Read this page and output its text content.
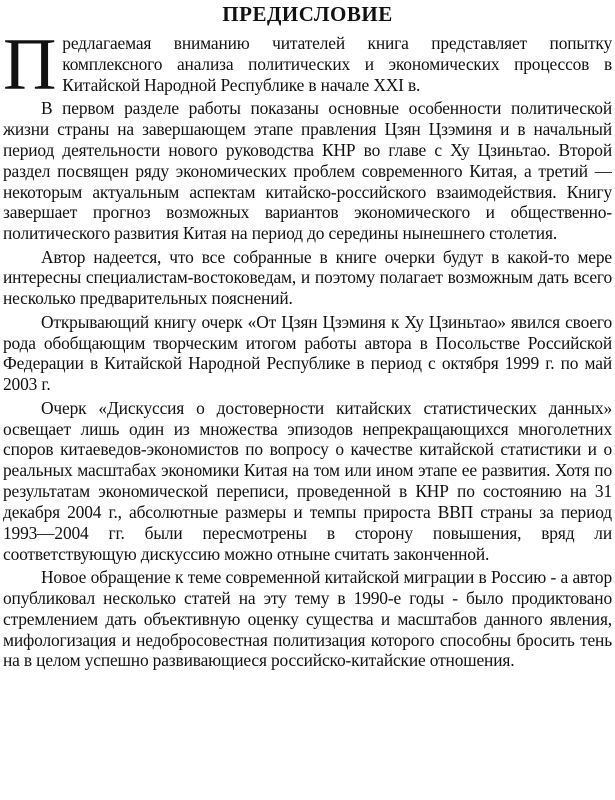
ПРЕДИСЛОВИЕ

Предлагаемая вниманию читателей книга представляет попытку комплексного анализа политических и экономических процессов в Китайской Народной Республике в начале XXI в.

В первом разделе работы показаны основные особенности политической жизни страны на завершающем этапе правления Цзян Цзэминя и в начальный период деятельности нового руководства КНР во главе с Ху Цзиньтао. Второй раздел посвящен ряду экономических проблем современного Китая, а третий — некоторым актуальным аспектам китайско-российского взаимодействия. Книгу завершает прогноз возможных вариантов экономического и общественно-политического развития Китая на период до середины нынешнего столетия.

Автор надеется, что все собранные в книге очерки будут в какой-то мере интересны специалистам-востоковедам, и поэтому полагает возможным дать всего несколько предварительных пояснений.

Открывающий книгу очерк «От Цзян Цзэминя к Ху Цзиньтао» явился своего рода обобщающим творческим итогом работы автора в Посольстве Российской Федерации в Китайской Народной Республике в период с октября 1999 г. по май 2003 г.

Очерк «Дискуссия о достоверности китайских статистических данных» освещает лишь один из множества эпизодов непрекращающихся многолетних споров китаеведов-экономистов по вопросу о качестве китайской статистики и о реальных масштабах экономики Китая на том или ином этапе ее развития. Хотя по результатам экономической переписи, проведенной в КНР по состоянию на 31 декабря 2004 г., абсолютные размеры и темпы прироста ВВП страны за период 1993—2004 гг. были пересмотрены в сторону повышения, вряд ли соответствующую дискуссию можно отныне считать законченной.

Новое обращение к теме современной китайской миграции в Россию - а автор опубликовал несколько статей на эту тему в 1990-е годы - было продиктовано стремлением дать объективную оценку существа и масштабов данного явления, мифологизация и недобросовестная политизация которого способны бросить тень на в целом успешно развивающиеся российско-китайские отношения.
